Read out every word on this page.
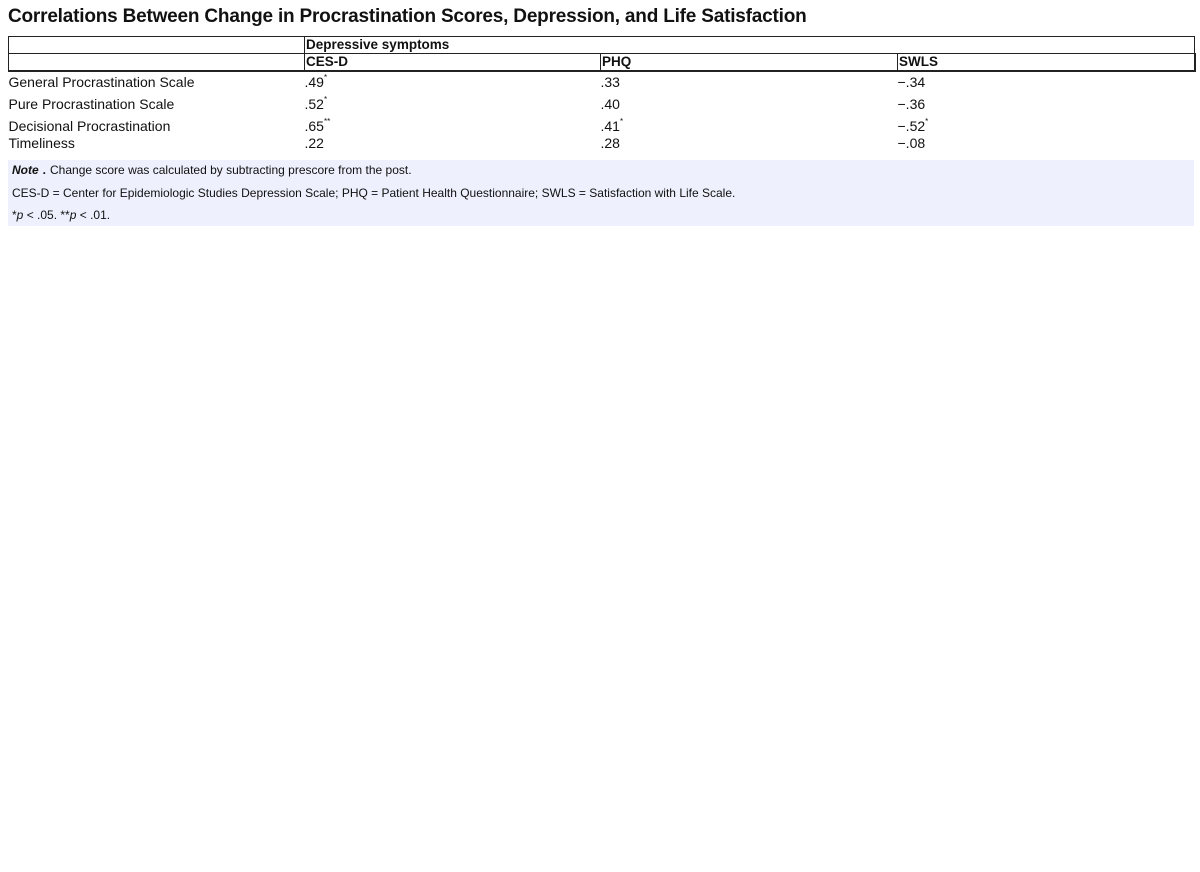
Correlations Between Change in Procrastination Scores, Depression, and Life Satisfaction
	Depressive symptoms		
	CES-D	PHQ	SWLS
General Procrastination Scale	.49*	.33	−.34
Pure Procrastination Scale	.52*	.40	−.36
Decisional Procrastination	.65**	.41*	−.52*
Timeliness	.22	.28	−.08
Note . Change score was calculated by subtracting prescore from the post.
CES-D = Center for Epidemiologic Studies Depression Scale; PHQ = Patient Health Questionnaire; SWLS = Satisfaction with Life Scale.
*p < .05. **p < .01.
